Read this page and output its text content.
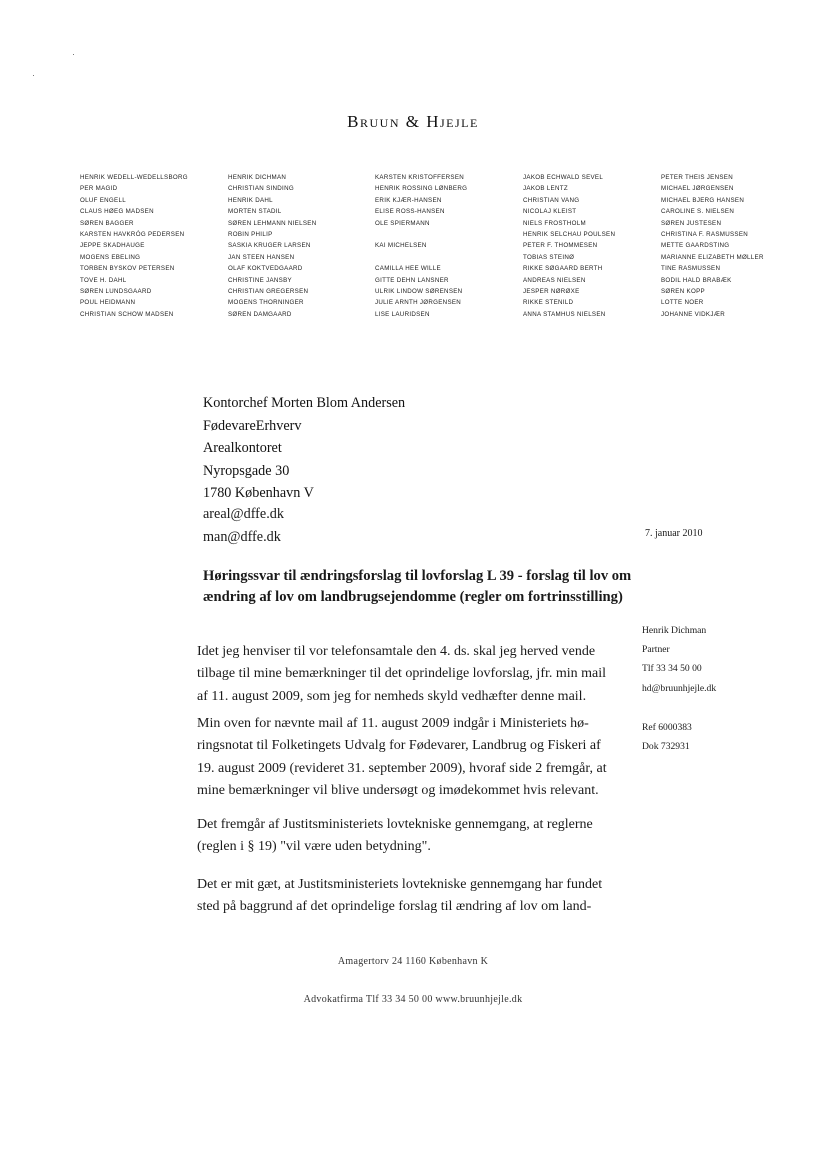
Bruun & Hjejle
HENRIK WEDELL-WEDELLSBORG
PER MAGID
OLUF ENGELL
CLAUS HØEG MADSEN
SØREN BAGGER
KARSTEN HAVKRÓG PEDERSEN
JEPPE SKADHAUGE
MOGENS EBELING
TORBEN BYSKOV PETERSEN
TOVE H. DAHL
SØREN LUNDSGAARD
POUL HEIDMANN
CHRISTIAN SCHOW MADSEN
HENRIK DICHMAN
CHRISTIAN SINDING
HENRIK DAHL
MORTEN STADIL
SØREN LEHMANN NIELSEN
ROBIN PHILIP
SASKIA KRUGER LARSEN
JAN STEEN HANSEN
OLAF KOKTVEDGAARD
CHRISTINE JANSBY
CHRISTIAN GREGERSEN
MOGENS THORNINGER
SØREN DAMGAARD
KARSTEN KRISTOFFERSEN
HENRIK ROSSING LØNBERG
ERIK KJÆR-HANSEN
ELISE ROSS-HANSEN
OLE SPIERMANN
KAI MICHELSEN
CAMILLA HEE WILLE
GITTE DEHN LANSNER
ULRIK LINDOW SØRENSEN
JULIE ARNTH JØRGENSEN
LISE LAURIDSEN
JAKOB ECHWALD SEVEL
JAKOB LENTZ
CHRISTIAN VANG
NICOLAJ KLEIST
NIELS FROSTHOLM
HENRIK SELCHAU POULSEN
PETER F. THOMMESEN
TOBIAS STEINØ
RIKKE SØGAARD BERTH
ANDREAS NIELSEN
JESPER NØRØXE
RIKKE STENILD
ANNA STAMHUS NIELSEN
PETER THEIS JENSEN
MICHAEL JØRGENSEN
MICHAEL BJERG HANSEN
CAROLINE S. NIELSEN
SØREN JUSTESEN
CHRISTINA F. RASMUSSEN
METTE GAARDSTING
MARIANNE ELIZABETH MØLLER
TINE RASMUSSEN
BODIL HALD BRABÆK
SØREN KOPP
LOTTE NOER
JOHANNE VIDKJÆR
Kontorchef Morten Blom Andersen
FødevareErhverv
Arealkontoret
Nyropsgade 30
1780 København V
areal@dffe.dk
man@dffe.dk	7. januar 2010
Høringssvar til ændringsforslag til lovforslag L 39 - forslag til lov om ændring af lov om landbrugsejendomme (regler om fortrinsstilling)
Henrik Dichman
Partner
Tlf 33 34 50 00
hd@bruunhjejle.dk
Ref 6000383
Dok 732931
Idet jeg henviser til vor telefonsamtale den 4. ds. skal jeg herved vende
tilbage til mine bemærkninger til det oprindelige lovforslag, jfr. min mail
af 11. august 2009, som jeg for nemheds skyld vedhæfter denne mail.
Min oven for nævnte mail af 11. august 2009 indgår i Ministeriets hø-
ringsnotat til Folketingets Udvalg for Fødevarer, Landbrug og Fiskeri af
19. august 2009 (revideret 31. september 2009), hvoraf side 2 fremgår, at
mine bemærkninger vil blive undersøgt og imødekommet hvis relevant.
Det fremgår af Justitsministeriets lovtekniske gennemgang, at reglerne
(reglen i § 19) "vil være uden betydning".
Det er mit gæt, at Justitsministeriets lovtekniske gennemgang har fundet
sted på baggrund af det oprindelige forslag til ændring af lov om land-
Amagertorv 24 1160 København K
Advokatfirma Tlf 33 34 50 00 www.bruunhjejle.dk
